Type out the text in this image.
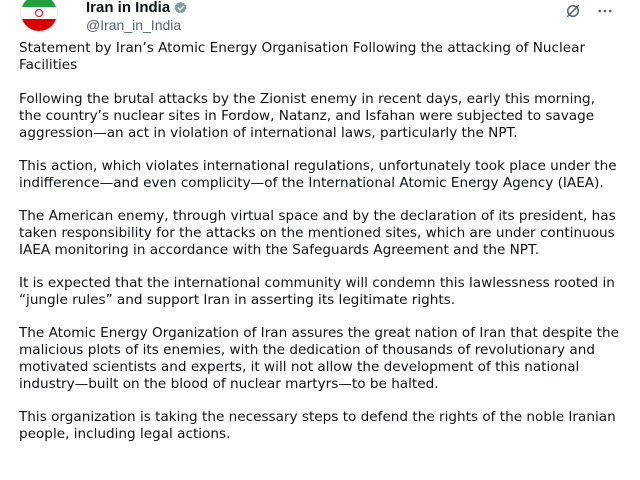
Iran in India
@Iran_in_India

Statement by Iran’s Atomic Energy Organisation Following the attacking of Nuclear Facilities

Following the brutal attacks by the Zionist enemy in recent days, early this morning, the country’s nuclear sites in Fordow, Natanz, and Isfahan were subjected to savage aggression—an act in violation of international laws, particularly the NPT.

This action, which violates international regulations, unfortunately took place under the indifference—and even complicity—of the International Atomic Energy Agency (IAEA).

The American enemy, through virtual space and by the declaration of its president, has taken responsibility for the attacks on the mentioned sites, which are under continuous IAEA monitoring in accordance with the Safeguards Agreement and the NPT.

It is expected that the international community will condemn this lawlessness rooted in “jungle rules” and support Iran in asserting its legitimate rights.

The Atomic Energy Organization of Iran assures the great nation of Iran that despite the malicious plots of its enemies, with the dedication of thousands of revolutionary and motivated scientists and experts, it will not allow the development of this national industry—built on the blood of nuclear martyrs—to be halted.

This organization is taking the necessary steps to defend the rights of the noble Iranian people, including legal actions.
